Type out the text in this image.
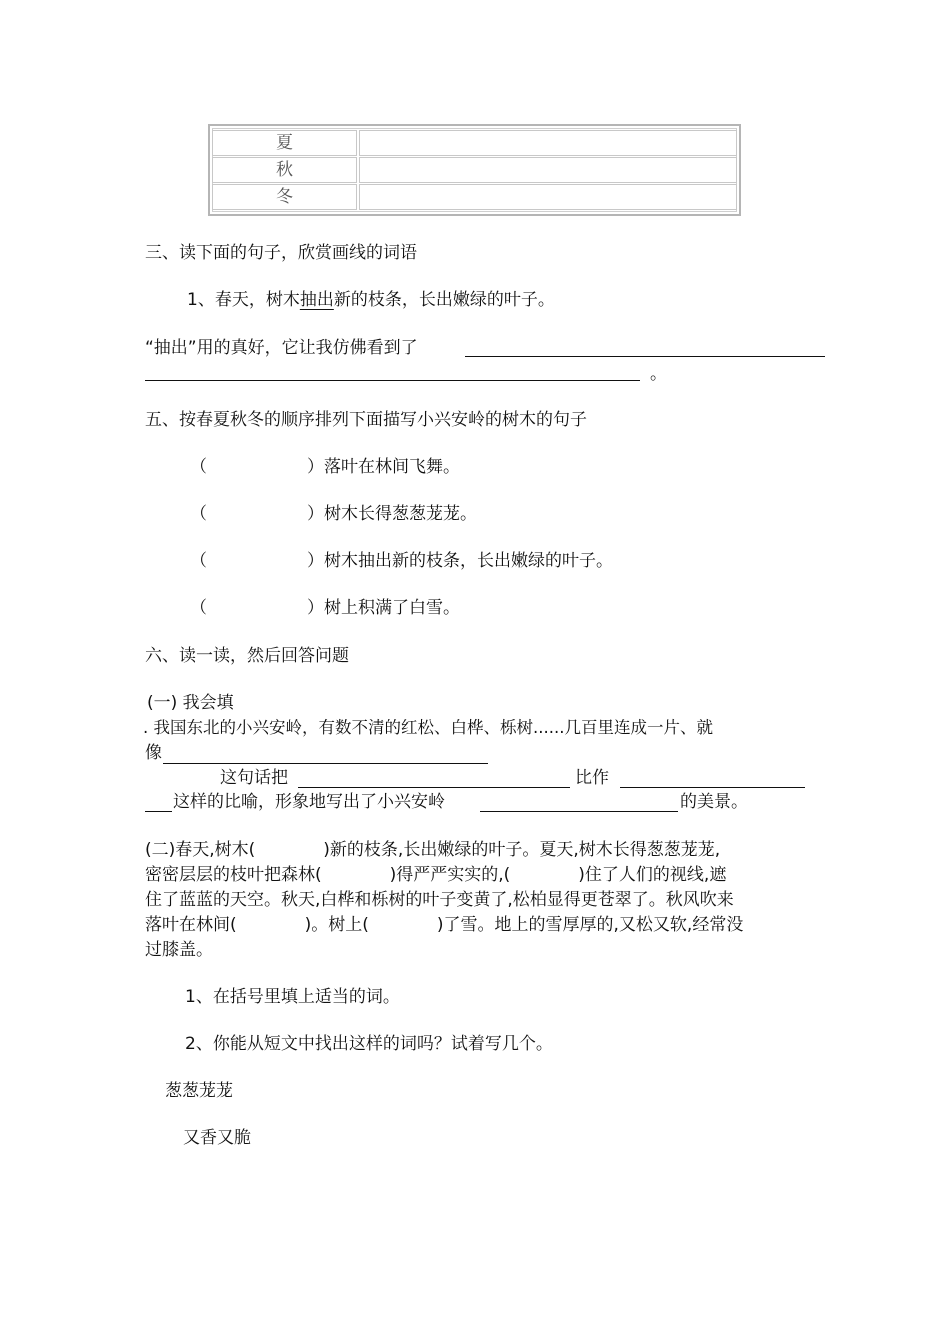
夏
秋
冬
三、读下面的句子，欣赏画线的词语
1、春天，树木抽出新的枝条，长出嫩绿的叶子。
“抽出”用的真好，它让我仿佛看到了
。
五、按春夏秋冬的顺序排列下面描写小兴安岭的树木的句子
（	）落叶在林间飞舞。
（	）树木长得葱葱茏茏。
（	）树木抽出新的枝条，长出嫩绿的叶子。
（	）树上积满了白雪。
六、读一读，然后回答问题
(一) 我会填
. 我国东北的小兴安岭，有数不清的红松、白桦、栎树......几百里连成一片、就
像
这句话把	比作
这样的比喻，形象地写出了小兴安岭	的美景。
(二)春天,树木(　　　　)新的枝条,长出嫩绿的叶子。夏天,树木长得葱葱茏茏,
密密层层的枝叶把森林(　　　　)得严严实实的,(　　　　)住了人们的视线,遮
住了蓝蓝的天空。秋天,白桦和栎树的叶子变黄了,松柏显得更苍翠了。秋风吹来
落叶在林间(　　　　)。树上(　　　　)了雪。地上的雪厚厚的,又松又软,经常没
过膝盖。
1、在括号里填上适当的词。
2、你能从短文中找出这样的词吗？试着写几个。
葱葱茏茏
又香又脆
